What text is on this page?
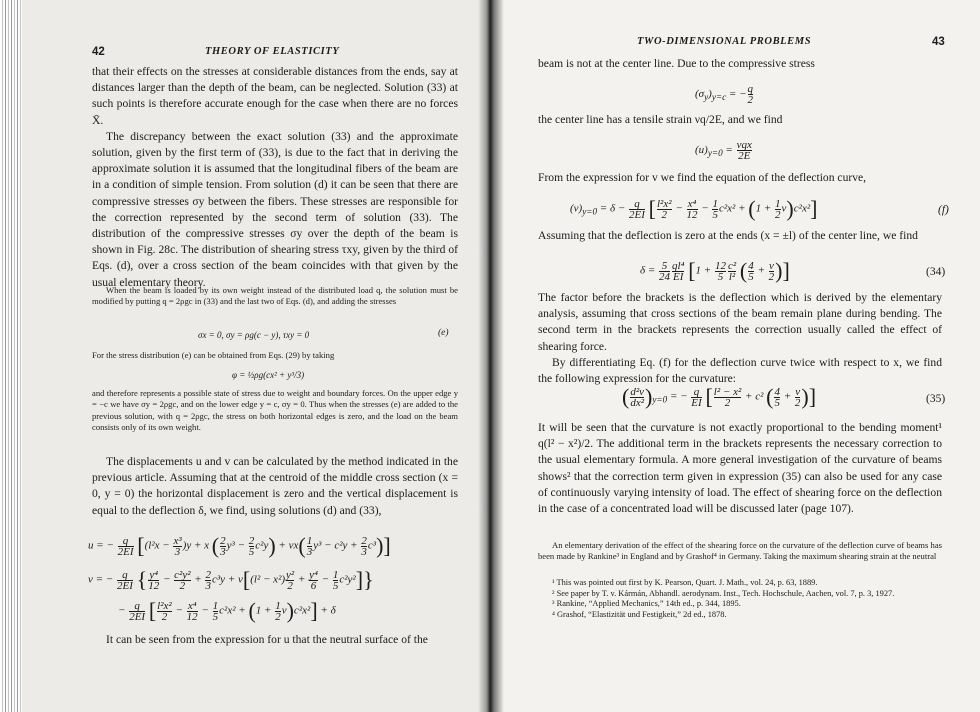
42	THEORY OF ELASTICITY

that their effects on the stresses at considerable distances from the ends, say at distances larger than the depth of the beam, can be neglected. Solution (33) at such points is therefore accurate enough for the case when there are no forces X̄.

The discrepancy between the exact solution (33) and the approximate solution, given by the first term of (33), is due to the fact that in deriving the approximate solution it is assumed that the longitudinal fibers of the beam are in a condition of simple tension. From solution (d) it can be seen that there are compressive stresses σy between the fibers. These stresses are responsible for the correction represented by the second term of solution (33). The distribution of the compressive stresses σy over the depth of the beam is shown in Fig. 28c. The distribution of shearing stress τxy, given by the third of Eqs. (d), over a cross section of the beam coincides with that given by the usual elementary theory.

When the beam is loaded by its own weight instead of the distributed load q, the solution must be modified by putting q = 2ρgc in (33) and the last two of Eqs. (d), and adding the stresses

σx = 0, σy = ρg(c − y), τxy = 0	(e)

For the stress distribution (e) can be obtained from Eqs. (29) by taking

φ = ½ρg(cx² + y³/3)

and therefore represents a possible state of stress due to weight and boundary forces. On the upper edge y = −c we have σy = 2ρgc, and on the lower edge y = c, σy = 0. Thus when the stresses (e) are added to the previous solution, with q = 2ρgc, the stress on both horizontal edges is zero, and the load on the beam consists only of its own weight.

The displacements u and v can be calculated by the method indicated in the previous article. Assuming that at the centroid of the middle cross section (x = 0, y = 0) the horizontal displacement is zero and the vertical displacement is equal to the deflection δ, we find, using solutions (d) and (33),

u = − $\frac{q}{2EI} [(l^2x - \frac{\text{x³}}{3} )y + x$ ( $\frac{2}{3} y^3 - \frac{2}{5} c^2y) + \nu x( \frac{1}{3} y^3 - c^2y + \frac{2}{3} c^3)$]
v = − $\frac{q}{2EI}$ { $\frac{\text{y⁴}}{12} - \frac{\text{c²y²}}{2} + \frac{2}{3} c^3y + \nu[(l^2 - x^2) \frac{\text{y²}}{2} + \frac{\text{y⁴}}{6} - \frac{1}{5} c^2y^2]$}
− $\frac{q}{2EI}$ [ $\frac{\text{l²x²}}{2} - \frac{\text{x⁴}}{12} - \frac{1}{5} c^2x^2 + (1 + \frac{1}{2} \nu)c^2x^2] + \delta$

It can be seen from the expression for u that the neutral surface of the

TWO-DIMENSIONAL PROBLEMS	43

beam is not at the center line. Due to the compressive stress

$(\sigma_y)_{y=c}$ = − $\frac{q}{2}$

the center line has a tensile strain νq/2E, and we find

$(u)_{y=0} = \nu qx$
2E

From the expression for v we find the equation of the deflection curve,

$(v)_{y=0} = \delta - \frac{q}{2EI}$ [ $\frac{\text{l²x²}}{2} - \frac{\text{x⁴}}{12} - \frac{1}{5} c^2x^2 + (1 + \frac{1}{2} \nu)c^2x^2$]	(f)

Assuming that the deflection is zero at the ends (x = ±l) of the center line, we find

$\delta = \frac{5}{24} \frac{\text{ql⁴}}{EI} [1 + \frac{12}{5} \frac{\text{c²}}{\text{l²}}$ ( $\frac{4}{5} + \frac{\nu}{2}$ )]	(34)

The factor before the brackets is the deflection which is derived by the elementary analysis, assuming that cross sections of the beam remain plane during bending. The second term in the brackets represents the correction usually called the effect of shearing force.

By differentiating Eq. (f) for the deflection curve twice with respect to x, we find the following expression for the curvature:

( $\frac{\text{d²v}}{\text{dx²}} )_{y=0}$ = − $\frac{q}{EI}$ [ $\frac{\text{l² − x²}}{2} + c^2$ ( $\frac{4}{5} + \frac{\nu}{2}$ )]	(35)

It will be seen that the curvature is not exactly proportional to the bending moment¹ q(l² − x²)/2. The additional term in the brackets represents the necessary correction to the usual elementary formula. A more general investigation of the curvature of beams shows² that the correction term given in expression (35) can also be used for any case of continuously varying intensity of load. The effect of shearing force on the deflection in the case of a concentrated load will be discussed later (page 107).

An elementary derivation of the effect of the shearing force on the curvature of the deflection curve of beams has been made by Rankine³ in England and by Grashof⁴ in Germany. Taking the maximum shearing strain at the neutral

¹ This was pointed out first by K. Pearson, Quart. J. Math., vol. 24, p. 63, 1889.

² See paper by T. v. Kármán, Abhandl. aerodynam. Inst., Tech. Hochschule, Aachen, vol. 7, p. 3, 1927.

³ Rankine, “Applied Mechanics,” 14th ed., p. 344, 1895.

⁴ Grashof, “Elastizität und Festigkeit,” 2d ed., 1878.
